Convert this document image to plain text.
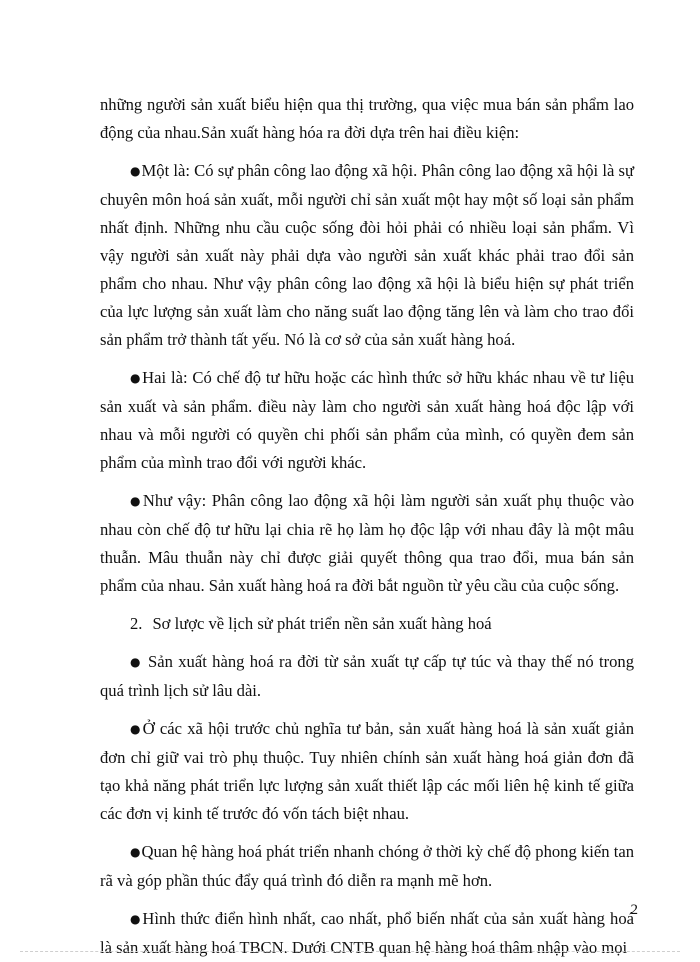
những người sản xuất biểu hiện qua thị trường, qua việc mua bán sản phẩm lao động của nhau.Sản xuất hàng hóa ra đời dựa trên hai điều kiện:

●Một là: Có sự phân công lao động xã hội. Phân công lao động xã hội là sự chuyên môn hoá sản xuất, mỗi người chỉ sản xuất một hay một số loại sản phẩm nhất định. Những nhu cầu cuộc sống đòi hỏi phải có nhiều loại sản phẩm. Vì vậy người sản xuất này phải dựa vào người sản xuất khác phải trao đổi sản phẩm cho nhau. Như vậy phân công lao động xã hội là biểu hiện sự phát triển của lực lượng sản xuất làm cho năng suất lao động tăng lên và làm cho trao đổi sản phẩm trở thành tất yếu. Nó là cơ sở của sản xuất hàng hoá.

●Hai là: Có chế độ tư hữu hoặc các hình thức sở hữu khác nhau về tư liệu sản xuất và sản phẩm. điều này làm cho người sản xuất hàng hoá độc lập với nhau và mỗi người có quyền chi phối sản phẩm của mình, có quyền đem sản phẩm của mình trao đổi với người khác.

●Như vậy: Phân công lao động xã hội làm người sản xuất phụ thuộc vào nhau còn chế độ tư hữu lại chia rẽ họ làm họ độc lập với nhau đây là một mâu thuẫn. Mâu thuẫn này chỉ được giải quyết thông qua trao đổi, mua bán sản phẩm của nhau. Sản xuất hàng hoá ra đời bắt nguồn từ yêu cầu của cuộc sống.

2. Sơ lược về lịch sử phát triển nền sản xuất hàng hoá

● Sản xuất hàng hoá ra đời từ sản xuất tự cấp tự túc và thay thế nó trong quá trình lịch sử lâu dài.

●Ở các xã hội trước chủ nghĩa tư bản, sản xuất hàng hoá là sản xuất giản đơn chỉ giữ vai trò phụ thuộc. Tuy nhiên chính sản xuất hàng hoá giản đơn đã tạo khả năng phát triển lực lượng sản xuất thiết lập các mối liên hệ kinh tế giữa các đơn vị kinh tế trước đó vốn tách biệt nhau.

●Quan hệ hàng hoá phát triển nhanh chóng ở thời kỳ chế độ phong kiến tan rã và góp phần thúc đẩy quá trình đó diễn ra mạnh mẽ hơn.

●Hình thức điển hình nhất, cao nhất, phổ biến nhất của sản xuất hàng hoá là sản xuất hàng hoá TBCN. Dưới CNTB quan hệ hàng hoá thâm nhập vào mọi

2
